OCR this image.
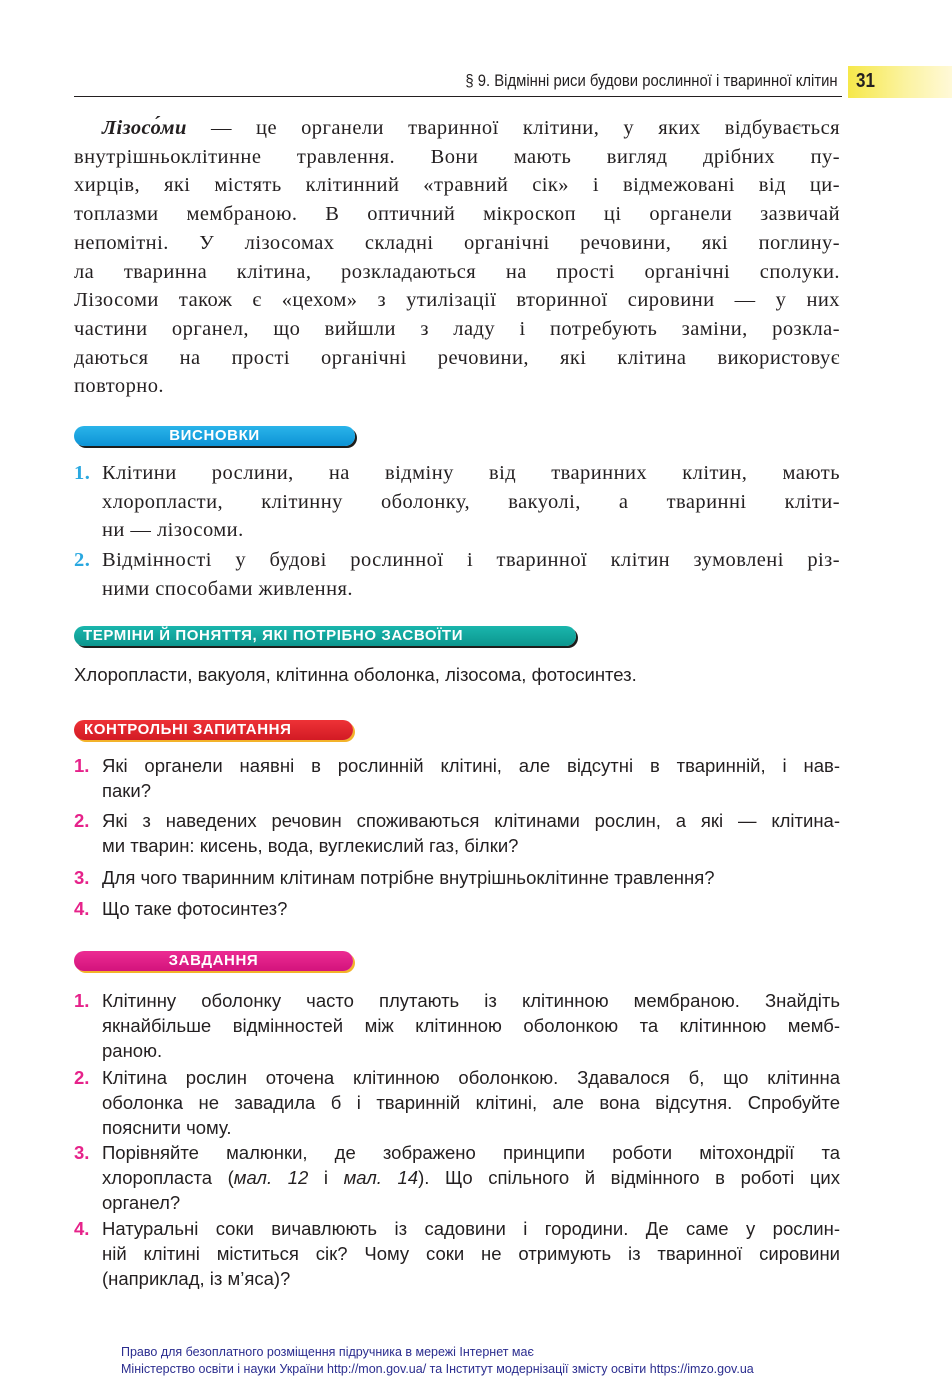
§ 9. Відмінні риси будови рослинної і тваринної клітин 31
Лізосо́ми — це органели тваринної клітини, у яких відбувається
внутрішньоклітинне травлення. Вони мають вигляд дрібних пу-
хирців, які містять клітинний «травний сік» і відмежовані від ци-
топлазми мембраною. В оптичний мікроскоп ці органели зазвичай
непомітні. У лізосомах складні органічні речовини, які поглину-
ла тваринна клітина, розкладаються на прості органічні сполуки.
Лізосоми також є «цехом» з утилізації вторинної сировини — у них
частини органел, що вийшли з ладу і потребують заміни, розкла-
даються на прості органічні речовини, які клітина використовує
повторно.
ВИСНОВКИ
1. Клітини рослини, на відміну від тваринних клітин, мають
хлоропласти, клітинну оболонку, вакуолі, а тваринні кліти-
ни — лізосоми.
2. Відмінності у будові рослинної і тваринної клітин зумовлені різ-
ними способами живлення.
ТЕРМІНИ Й ПОНЯТТЯ, ЯКІ ПОТРІБНО ЗАСВОЇТИ
Хлоропласти, вакуоля, клітинна оболонка, лізосома, фотосинтез.
КОНТРОЛЬНІ ЗАПИТАННЯ
1. Які органели наявні в рослинній клітині, але відсутні в тваринній, і нав-
паки?
2. Які з наведених речовин споживаються клітинами рослин, а які — клітина-
ми тварин: кисень, вода, вуглекислий газ, білки?
3. Для чого тваринним клітинам потрібне внутрішньоклітинне травлення?
4. Що таке фотосинтез?
ЗАВДАННЯ
1. Клітинну оболонку часто плутають із клітинною мембраною. Знайдіть
якнайбільше відмінностей між клітинною оболонкою та клітинною мемб-
раною.
2. Клітина рослин оточена клітинною оболонкою. Здавалося б, що клітинна
оболонка не завадила б і тваринній клітині, але вона відсутня. Спробуйте
пояснити чому.
3. Порівняйте малюнки, де зображено принципи роботи мітохондрії та
хлоропласта (мал. 12 і мал. 14). Що спільного й відмінного в роботі цих
органел?
4. Натуральні соки вичавлюють із садовини і городини. Де саме у рослин-
ній клітині міститься сік? Чому соки не отримують із тваринної сировини
(наприклад, із м’яса)?
Право для безоплатного розміщення підручника в мережі Інтернет має
Міністерство освіти і науки України http://mon.gov.ua/ та Інститут модернізації змісту освіти https://imzo.gov.ua
